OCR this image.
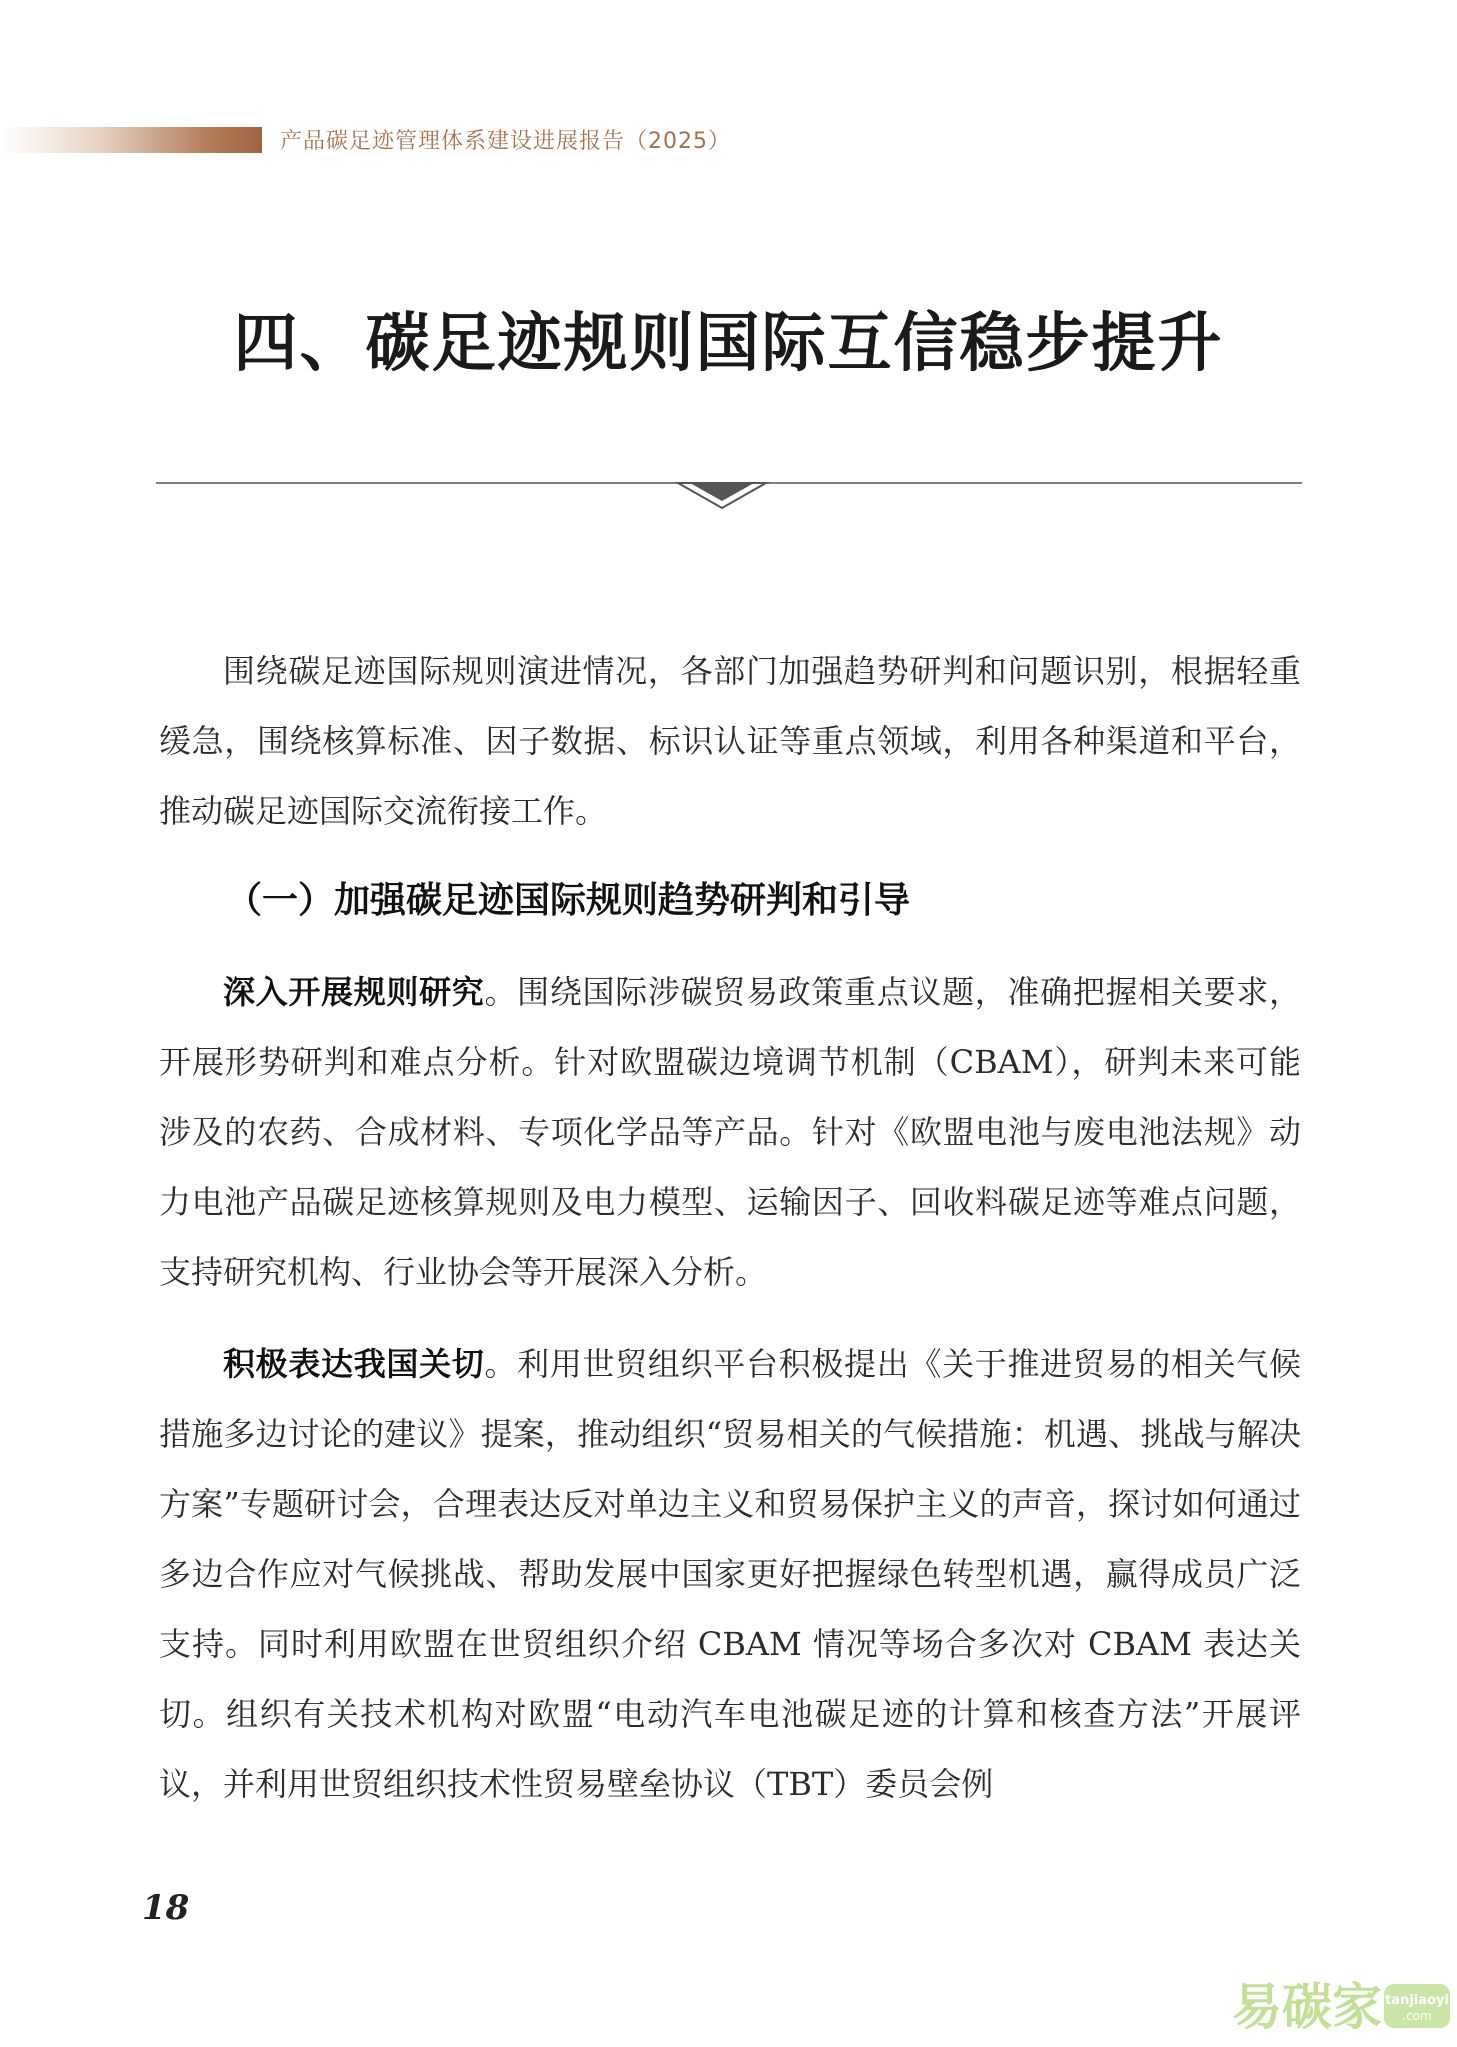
产品碳足迹管理体系建设进展报告（2025）
四、碳足迹规则国际互信稳步提升

围绕碳足迹国际规则演进情况，各部门加强趋势研判和问题识别，根据轻重缓急，围绕核算标准、因子数据、标识认证等重点领域，利用各种渠道和平台，推动碳足迹国际交流衔接工作。

（一）加强碳足迹国际规则趋势研判和引导

深入开展规则研究。围绕国际涉碳贸易政策重点议题，准确把握相关要求，开展形势研判和难点分析。针对欧盟碳边境调节机制（CBAM），研判未来可能涉及的农药、合成材料、专项化学品等产品。针对《欧盟电池与废电池法规》动力电池产品碳足迹核算规则及电力模型、运输因子、回收料碳足迹等难点问题，支持研究机构、行业协会等开展深入分析。

积极表达我国关切。利用世贸组织平台积极提出《关于推进贸易的相关气候措施多边讨论的建议》提案，推动组织“贸易相关的气候措施：机遇、挑战与解决方案”专题研讨会，合理表达反对单边主义和贸易保护主义的声音，探讨如何通过多边合作应对气候挑战、帮助发展中国家更好把握绿色转型机遇，赢得成员广泛支持。同时利用欧盟在世贸组织介绍 CBAM 情况等场合多次对 CBAM 表达关切。组织有关技术机构对欧盟“电动汽车电池碳足迹的计算和核查方法”开展评议，并利用世贸组织技术性贸易壁垒协议（TBT）委员会例

18
易碳家 tanjiaoyi
.com
